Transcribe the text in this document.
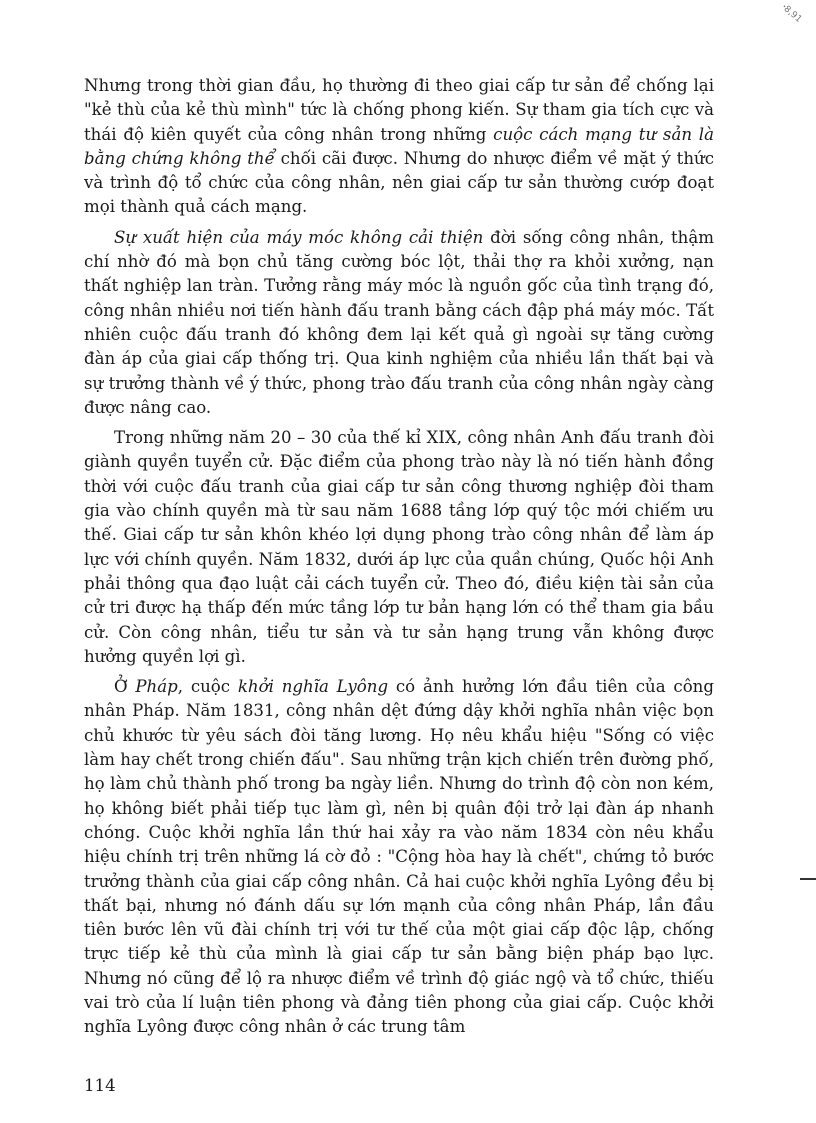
ꞏ8,91

Nhưng trong thời gian đầu, họ thường đi theo giai cấp tư sản để chống lại "kẻ thù của kẻ thù mình" tức là chống phong kiến. Sự tham gia tích cực và thái độ kiên quyết của công nhân trong những cuộc cách mạng tư sản là bằng chứng không thể chối cãi được. Nhưng do nhược điểm về mặt ý thức và trình độ tổ chức của công nhân, nên giai cấp tư sản thường cướp đoạt mọi thành quả cách mạng.

Sự xuất hiện của máy móc không cải thiện đời sống công nhân, thậm chí nhờ đó mà bọn chủ tăng cường bóc lột, thải thợ ra khỏi xưởng, nạn thất nghiệp lan tràn. Tưởng rằng máy móc là nguồn gốc của tình trạng đó, công nhân nhiều nơi tiến hành đấu tranh bằng cách đập phá máy móc. Tất nhiên cuộc đấu tranh đó không đem lại kết quả gì ngoài sự tăng cường đàn áp của giai cấp thống trị. Qua kinh nghiệm của nhiều lần thất bại và sự trưởng thành về ý thức, phong trào đấu tranh của công nhân ngày càng được nâng cao.

Trong những năm 20 – 30 của thế kỉ XIX, công nhân Anh đấu tranh đòi giành quyền tuyển cử. Đặc điểm của phong trào này là nó tiến hành đồng thời với cuộc đấu tranh của giai cấp tư sản công thương nghiệp đòi tham gia vào chính quyền mà từ sau năm 1688 tầng lớp quý tộc mới chiếm ưu thế. Giai cấp tư sản khôn khéo lợi dụng phong trào công nhân để làm áp lực với chính quyền. Năm 1832, dưới áp lực của quần chúng, Quốc hội Anh phải thông qua đạo luật cải cách tuyển cử. Theo đó, điều kiện tài sản của cử tri được hạ thấp đến mức tầng lớp tư bản hạng lớn có thể tham gia bầu cử. Còn công nhân, tiểu tư sản và tư sản hạng trung vẫn không được hưởng quyền lợi gì.

Ở Pháp, cuộc khởi nghĩa Lyông có ảnh hưởng lớn đầu tiên của công nhân Pháp. Năm 1831, công nhân dệt đứng dậy khởi nghĩa nhân việc bọn chủ khước từ yêu sách đòi tăng lương. Họ nêu khẩu hiệu "Sống có việc làm hay chết trong chiến đấu". Sau những trận kịch chiến trên đường phố, họ làm chủ thành phố trong ba ngày liền. Nhưng do trình độ còn non kém, họ không biết phải tiếp tục làm gì, nên bị quân đội trở lại đàn áp nhanh chóng. Cuộc khởi nghĩa lần thứ hai xảy ra vào năm 1834 còn nêu khẩu hiệu chính trị trên những lá cờ đỏ : "Cộng hòa hay là chết", chứng tỏ bước trưởng thành của giai cấp công nhân. Cả hai cuộc khởi nghĩa Lyông đều bị thất bại, nhưng nó đánh dấu sự lớn mạnh của công nhân Pháp, lần đầu tiên bước lên vũ đài chính trị với tư thế của một giai cấp độc lập, chống trực tiếp kẻ thù của mình là giai cấp tư sản bằng biện pháp bạo lực. Nhưng nó cũng để lộ ra nhược điểm về trình độ giác ngộ và tổ chức, thiếu vai trò của lí luận tiên phong và đảng tiên phong của giai cấp. Cuộc khởi nghĩa Lyông được công nhân ở các trung tâm

114
